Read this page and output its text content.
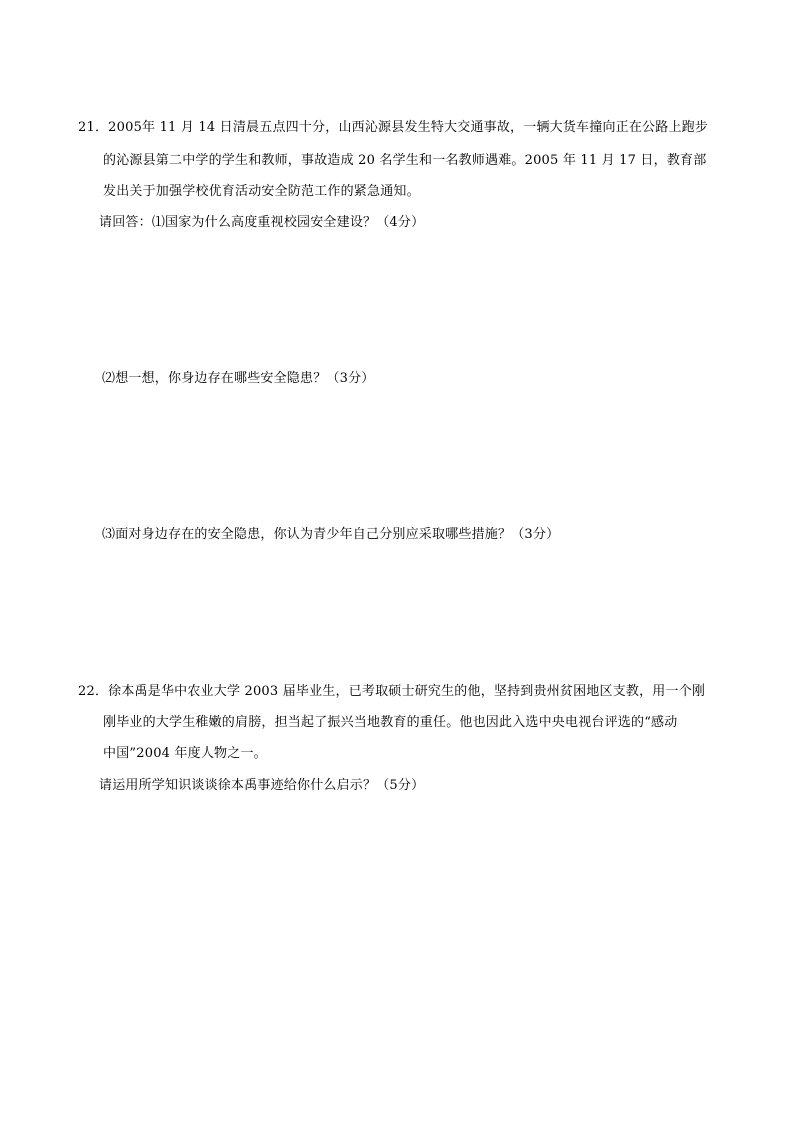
21．2005年 11 月 14 日清晨五点四十分，山西沁源县发生特大交通事故，一辆大货车撞向正在公路上跑步
的沁源县第二中学的学生和教师，事故造成 20 名学生和一名教师遇难。2005 年 11 月 17 日，教育部
发出关于加强学校优育活动安全防范工作的紧急通知。
请回答：⑴国家为什么高度重视校园安全建设？（4分）
⑵想一想，你身边存在哪些安全隐患？（3分）
⑶面对身边存在的安全隐患，你认为青少年自己分别应采取哪些措施？（3分）
22．徐本禹是华中农业大学 2003 届毕业生，已考取硕士研究生的他，坚持到贵州贫困地区支教，用一个刚
刚毕业的大学生稚嫩的肩膀，担当起了振兴当地教育的重任。他也因此入选中央电视台评选的“感动
中国”2004 年度人物之一。
请运用所学知识谈谈徐本禹事迹给你什么启示？（5分）
